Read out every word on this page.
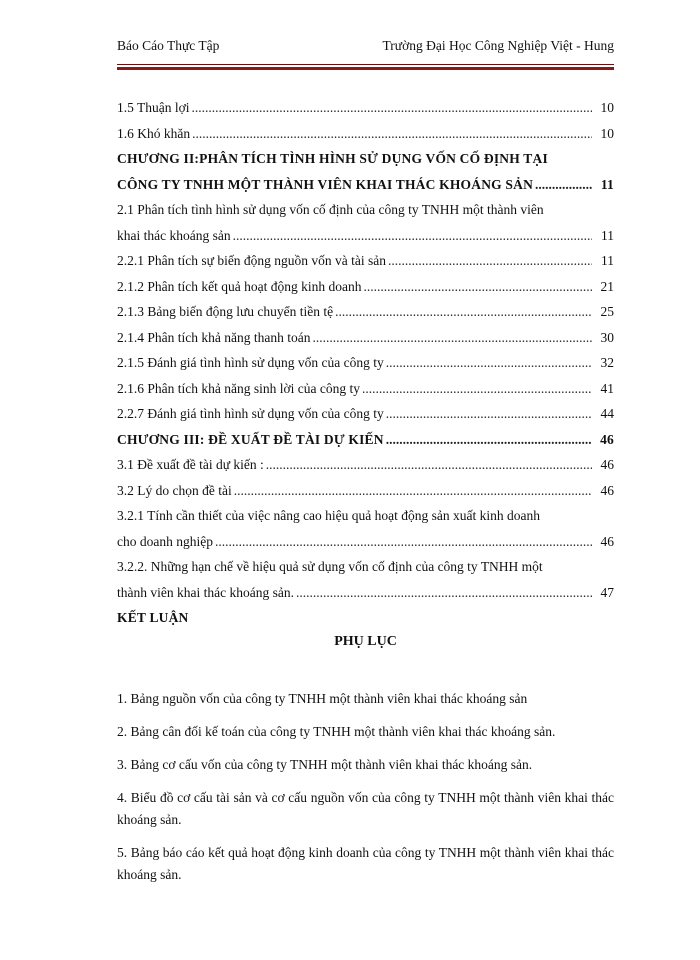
Báo Cáo Thực Tập	Trường Đại Học Công Nghiệp Việt - Hung
1.5 Thuận lợi .....	10
1.6 Khó khăn .....	10
CHƯƠNG II:PHÂN TÍCH TÌNH HÌNH SỬ DỤNG VỐN CỐ ĐỊNH TẠI
CÔNG TY TNHH MỘT THÀNH VIÊN KHAI THÁC KHOÁNG SẢN .....	11
2.1 Phân tích tình hình sử dụng vốn cố định của công ty TNHH một thành viên
khai thác khoáng sản .....	11
2.2.1 Phân tích sự biến động nguồn vốn và tài sản .....	11
2.1.2 Phân tích kết quả hoạt động kinh doanh .....	21
2.1.3 Bảng biến động lưu chuyển tiền tệ .....	25
2.1.4 Phân tích khả năng thanh toán .....	30
2.1.5 Đánh giá tình hình sử dụng vốn của công ty .....	32
2.1.6 Phân tích khả năng sinh lời của công ty .....	41
2.2.7 Đánh giá tình hình sử dụng vốn của công ty .....	44
CHƯƠNG III: ĐỀ XUẤT ĐỀ TÀI DỰ KIẾN .....	46
3.1 Đề xuất đề tài dự kiến : .....	46
3.2 Lý do chọn đề tài .....	46
3.2.1 Tính cần thiết của việc nâng cao hiệu quả hoạt động sản xuất kinh doanh
cho doanh nghiệp .....	46
3.2.2. Những hạn chế về hiệu quả sử dụng vốn cố định của công ty TNHH một
thành viên khai thác khoáng sản. .....	47
KẾT LUẬN
PHỤ LỤC
1. Bảng nguồn vốn của công ty TNHH một thành viên khai thác khoáng sản
2. Bảng cân đối kế toán của công ty TNHH một thành viên khai thác khoáng sản.
3. Bảng cơ cấu vốn của công ty TNHH một thành viên khai thác khoáng sản.
4. Biểu đồ cơ cấu tài sản và cơ cấu nguồn vốn của công ty TNHH một thành viên khai thác khoáng sản.
5. Bảng báo cáo kết quả hoạt động kinh doanh của công ty TNHH một thành viên khai thác khoáng sản.
